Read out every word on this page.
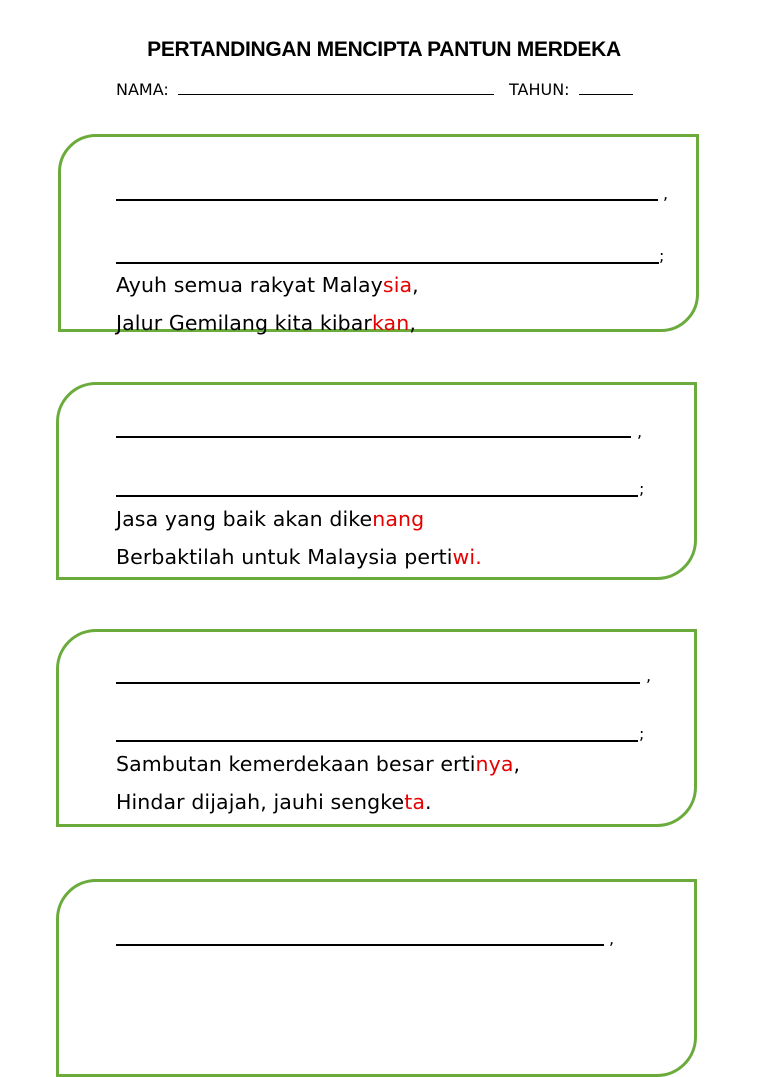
PERTANDINGAN MENCIPTA PANTUN MERDEKA
NAMA:	TAHUN:
,
;
Ayuh semua rakyat Malaysia,
Jalur Gemilang kita kibarkan,
,
;
Jasa yang baik akan dikenang
Berbaktilah untuk Malaysia pertiwi.
,
;
Sambutan kemerdekaan besar ertinya,
Hindar dijajah, jauhi sengketa.
,
